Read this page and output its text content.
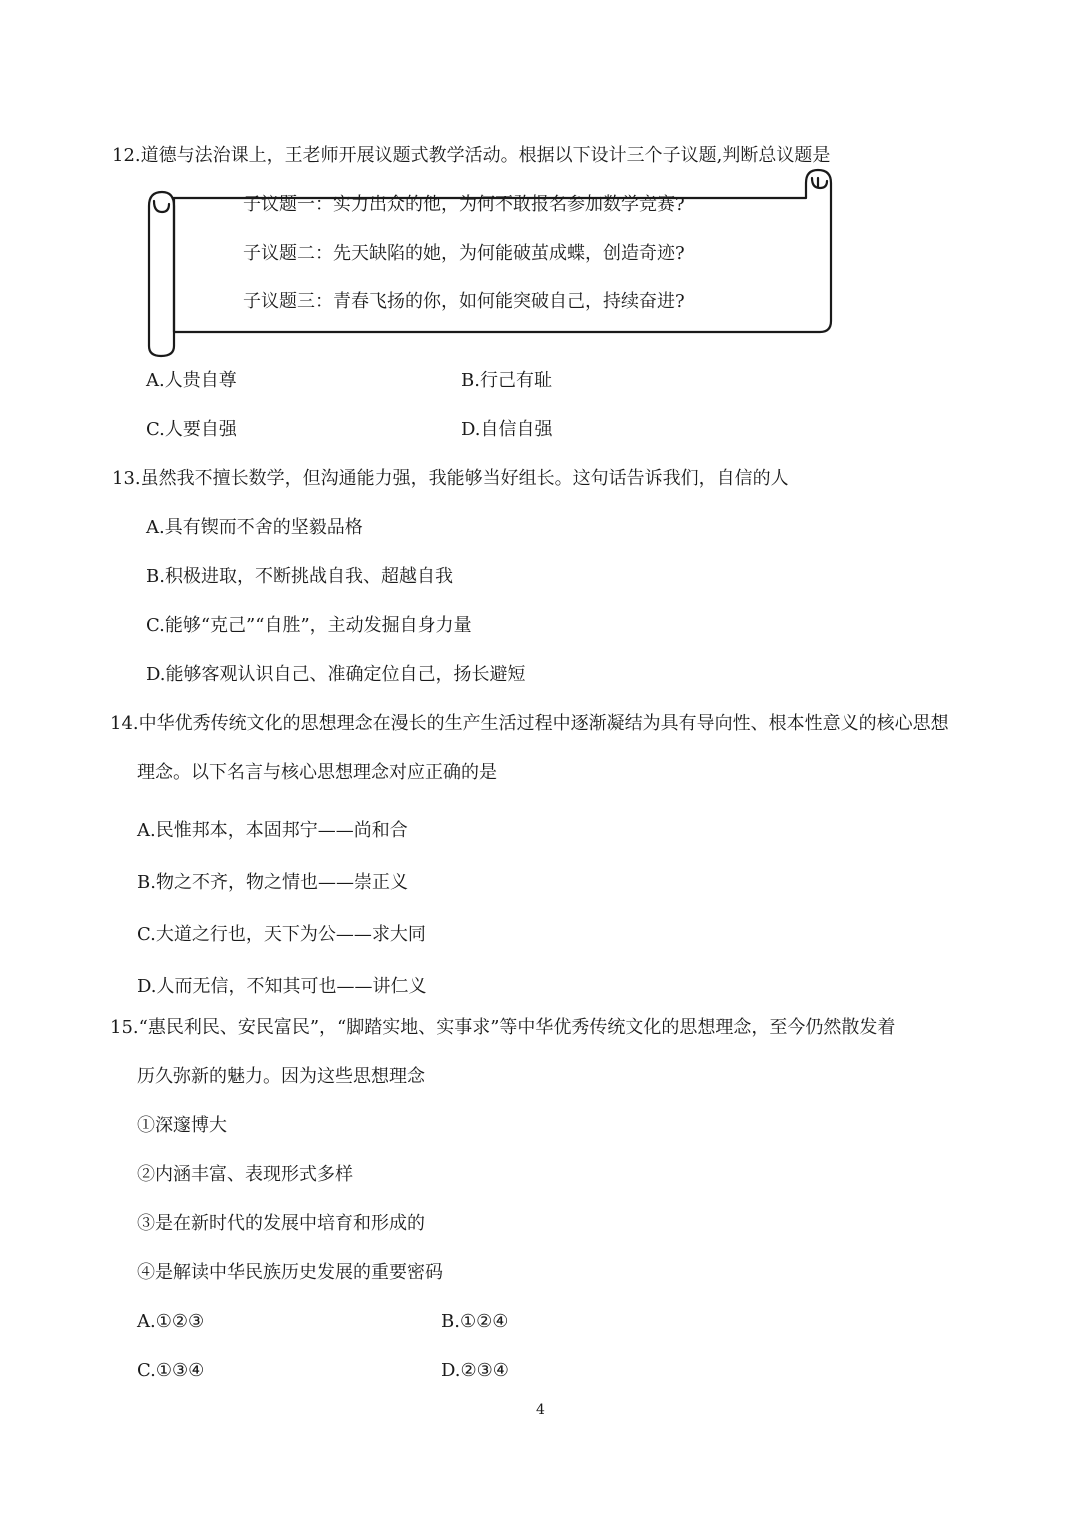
12.道德与法治课上，王老师开展议题式教学活动。根据以下设计三个子议题,判断总议题是
子议题一：实力出众的他，为何不敢报名参加数学竞赛?
子议题二：先天缺陷的她，为何能破茧成蝶，创造奇迹?
子议题三：青春飞扬的你，如何能突破自己，持续奋进?
A.人贵自尊	B.行己有耻
C.人要自强	D.自信自强
13.虽然我不擅长数学，但沟通能力强，我能够当好组长。这句话告诉我们，自信的人
A.具有锲而不舍的坚毅品格
B.积极进取，不断挑战自我、超越自我
C.能够“克己”“自胜”，主动发掘自身力量
D.能够客观认识自己、准确定位自己，扬长避短
14.中华优秀传统文化的思想理念在漫长的生产生活过程中逐渐凝结为具有导向性、根本性意义的核心思想
理念。以下名言与核心思想理念对应正确的是
A.民惟邦本，本固邦宁——尚和合
B.物之不齐，物之情也——崇正义
C.大道之行也，天下为公——求大同
D.人而无信，不知其可也——讲仁义
15.“惠民利民、安民富民”，“脚踏实地、实事求”等中华优秀传统文化的思想理念，至今仍然散发着
历久弥新的魅力。因为这些思想理念
①深邃博大
②内涵丰富、表现形式多样
③是在新时代的发展中培育和形成的
④是解读中华民族历史发展的重要密码
A.①②③	B.①②④
C.①③④	D.②③④
4
